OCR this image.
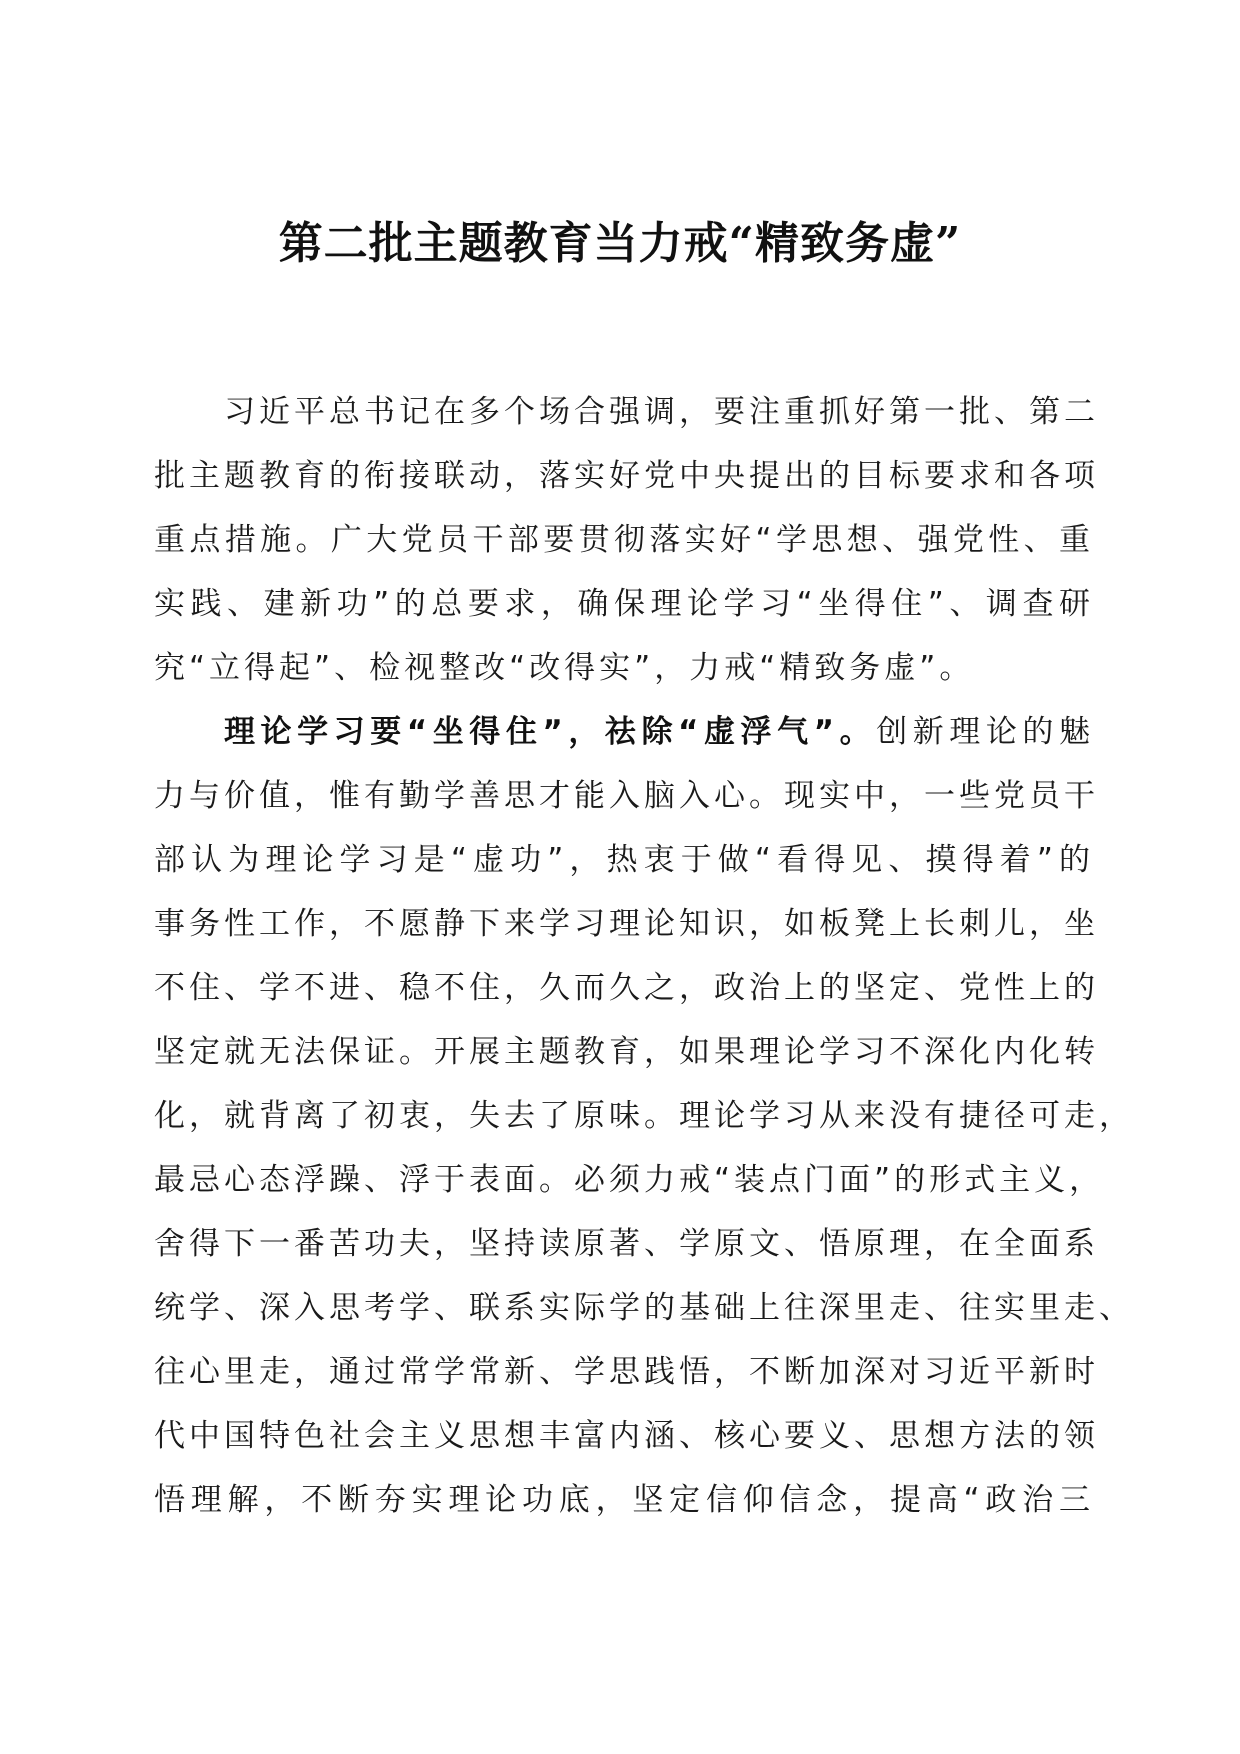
第二批主题教育当力戒“精致务虚”
习近平总书记在多个场合强调，要注重抓好第一批、第二
批主题教育的衔接联动，落实好党中央提出的目标要求和各项
重点措施。广大党员干部要贯彻落实好“学思想、强党性、重
实践、建新功”的总要求，确保理论学习“坐得住”、调查研
究“立得起”、检视整改“改得实”，力戒“精致务虚”。
理论学习要“坐得住”，祛除“虚浮气”。创新理论的魅
力与价值，惟有勤学善思才能入脑入心。现实中，一些党员干
部认为理论学习是“虚功”，热衷于做“看得见、摸得着”的
事务性工作，不愿静下来学习理论知识，如板凳上长刺儿，坐
不住、学不进、稳不住，久而久之，政治上的坚定、党性上的
坚定就无法保证。开展主题教育，如果理论学习不深化内化转
化，就背离了初衷，失去了原味。理论学习从来没有捷径可走，
最忌心态浮躁、浮于表面。必须力戒“装点门面”的形式主义，
舍得下一番苦功夫，坚持读原著、学原文、悟原理，在全面系
统学、深入思考学、联系实际学的基础上往深里走、往实里走、
往心里走，通过常学常新、学思践悟，不断加深对习近平新时
代中国特色社会主义思想丰富内涵、核心要义、思想方法的领
悟理解，不断夯实理论功底，坚定信仰信念，提高“政治三
